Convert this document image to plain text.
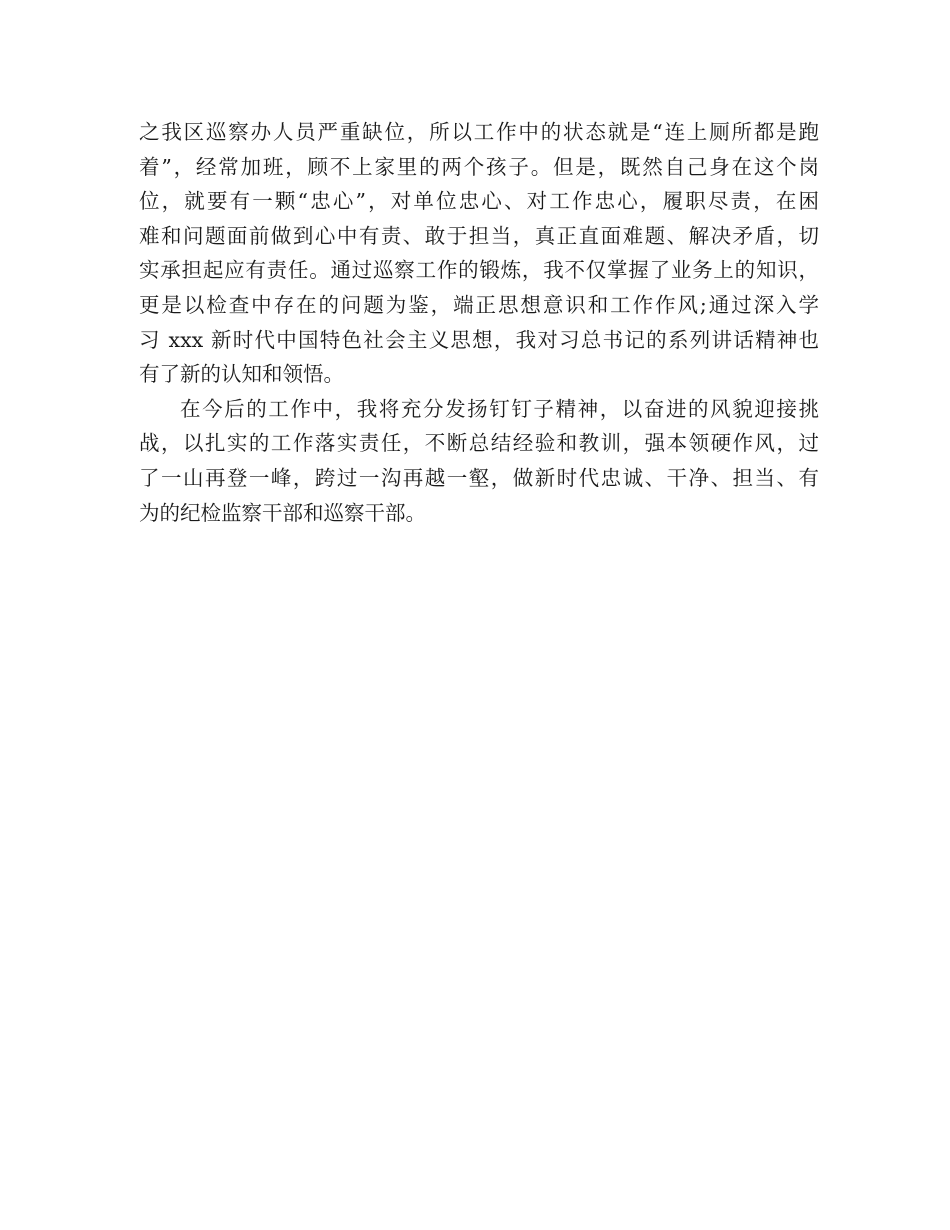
之我区巡察办人员严重缺位，所以工作中的状态就是“连上厕所都是跑
着”，经常加班，顾不上家里的两个孩子。但是，既然自己身在这个岗
位，就要有一颗“忠心”，对单位忠心、对工作忠心，履职尽责，在困
难和问题面前做到心中有责、敢于担当，真正直面难题、解决矛盾，切
实承担起应有责任。通过巡察工作的锻炼，我不仅掌握了业务上的知识，
更是以检查中存在的问题为鉴，端正思想意识和工作作风;通过深入学
习 xxx 新时代中国特色社会主义思想，我对习总书记的系列讲话精神也
有了新的认知和领悟。
在今后的工作中，我将充分发扬钉钉子精神，以奋进的风貌迎接挑
战，以扎实的工作落实责任，不断总结经验和教训，强本领硬作风，过
了一山再登一峰，跨过一沟再越一壑，做新时代忠诚、干净、担当、有
为的纪检监察干部和巡察干部。
